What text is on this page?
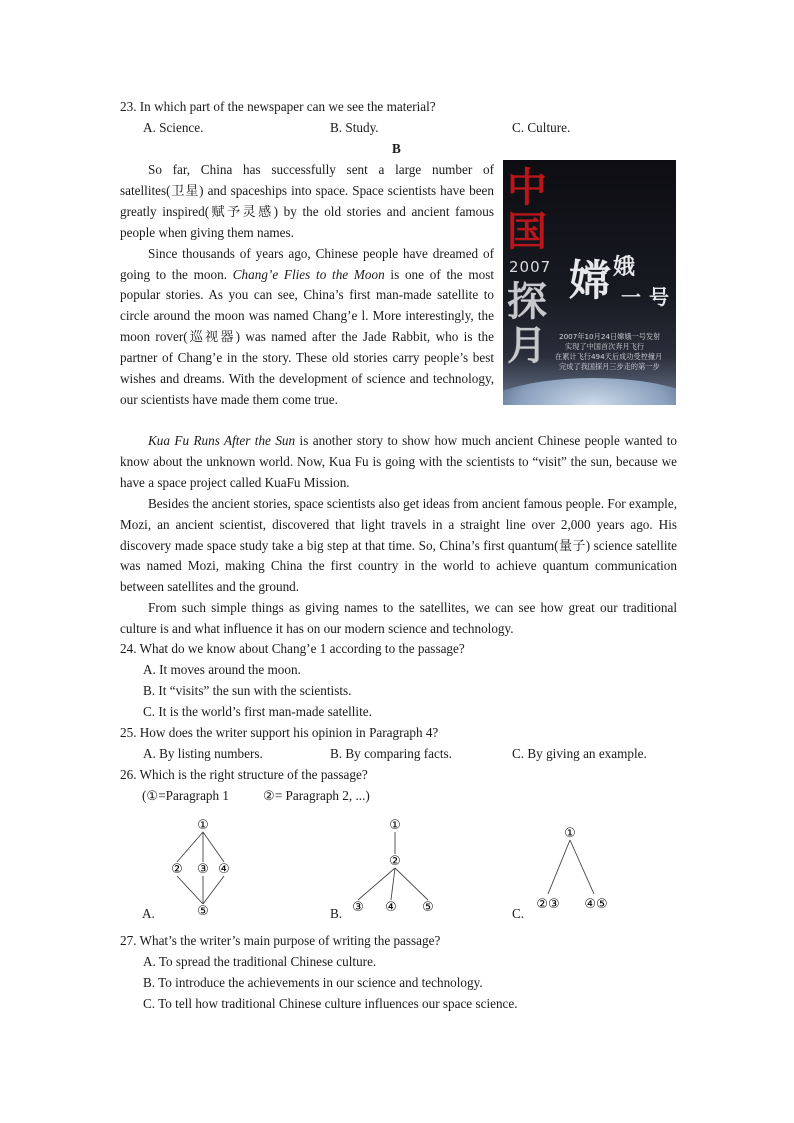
23. In which part of the newspaper can we see the material?
A. Science.	B. Study.	C. Culture.
B

So far, China has successfully sent a large number of satellites(卫星) and spaceships into space. Space scientists have been greatly inspired(赋予灵感) by the old stories and ancient famous people when giving them names.

Since thousands of years ago, Chinese people have dreamed of going to the moon. Chang’e Flies to the Moon is one of the most popular stories. As you can see, China’s first man-made satellite to circle around the moon was named Chang’e l. More interestingly, the moon rover(巡视器) was named after the Jade Rabbit, who is the partner of Chang’e in the story. These old stories carry people’s best wishes and dreams. With the development of science and technology, our scientists have made them come true.

中
国
2007
探
月
嫦 娥
一 号
2007年10月24日嫦娥一号发射
实现了中国首次奔月飞行
在累计飞行494天后成功受控撞月
完成了我国探月三步走的第一步

Kua Fu Runs After the Sun is another story to show how much ancient Chinese people wanted to know about the unknown world. Now, Kua Fu is going with the scientists to “visit” the sun, because we have a space project called KuaFu Mission.

Besides the ancient stories, space scientists also get ideas from ancient famous people. For example, Mozi, an ancient scientist, discovered that light travels in a straight line over 2,000 years ago. His discovery made space study take a big step at that time. So, China’s first quantum(量子) science satellite was named Mozi, making China the first country in the world to achieve quantum communication between satellites and the ground.

From such simple things as giving names to the satellites, we can see how great our traditional culture is and what influence it has on our modern science and technology.

24. What do we know about Chang’e 1 according to the passage?
A. It moves around the moon.
B. It “visits” the sun with the scientists.
C. It is the world’s first man-made satellite.
25. How does the writer support his opinion in Paragraph 4?
A. By listing numbers.	B. By comparing facts.	C. By giving an example.
26. Which is the right structure of the passage?
(①=Paragraph 1	②= Paragraph 2, ...)
①
② ③ ④
⑤
A.
①
②
③ ④ ⑤
B.
①
②③ ④⑤
C.
27. What’s the writer’s main purpose of writing the passage?
A. To spread the traditional Chinese culture.
B. To introduce the achievements in our science and technology.
C. To tell how traditional Chinese culture influences our space science.
